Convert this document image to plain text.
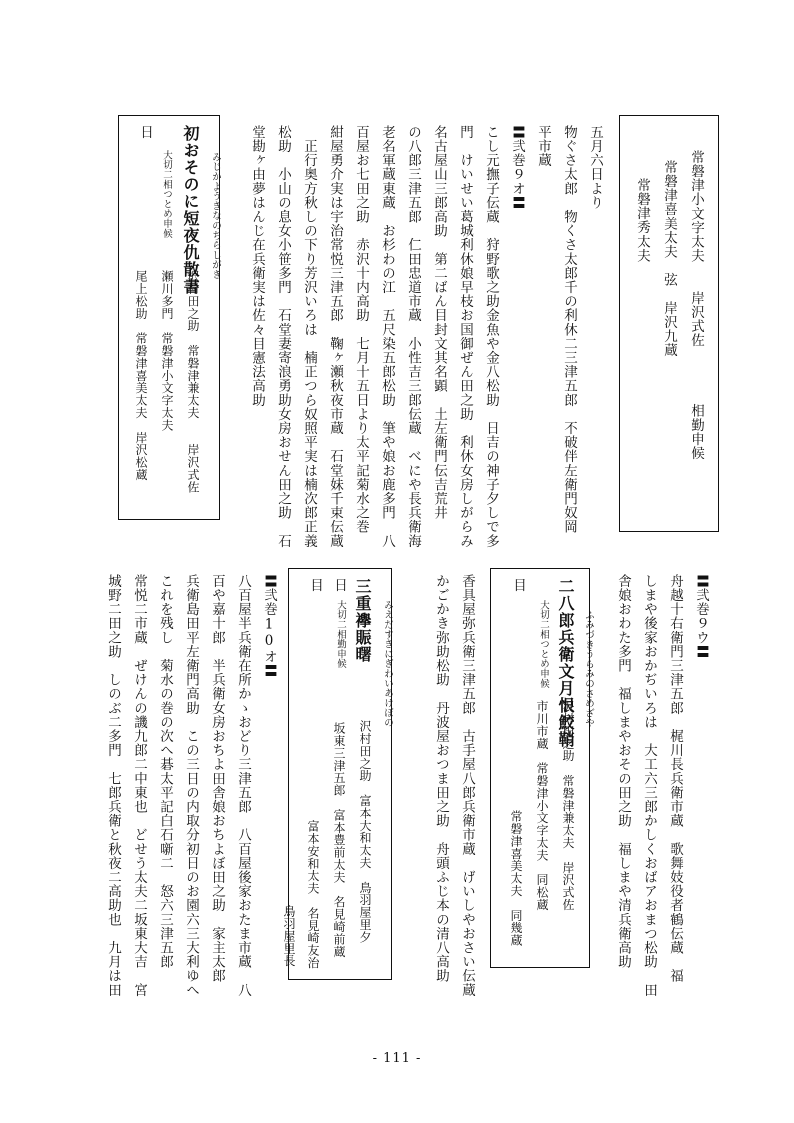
常磐津小文字太夫　　岸沢式佐　　　　相勤申候
常磐津喜美太夫　弦　岸沢九蔵
常磐津秀太夫
五月六日より
物ぐさ太郎　物くさ太郎千の利休二三津五郎　不破伴左衛門奴岡
平市蔵
〓弐巻９オ〓
こし元撫子伝蔵　狩野歌之助金魚や金八松助　日吉の神子夕しで多
門　けいせい葛城利休娘早枝お国御ぜん田之助　利休女房しがらみ
名古屋山三郎高助　第二ばん目封文其名顕　土左衛門伝吉荒井
の八郎三津五郎　仁田忠道市蔵　小性吉三郎伝蔵　べにや長兵衛海
老名軍蔵東蔵　お杉わの江　五尺染五郎松助　筆や娘お鹿多門　八
百屋お七田之助　赤沢十内高助　七月十五日より太平記菊水之巻
紺屋勇介実は宇治常悦三津五郎　鞠ヶ瀬秋夜市蔵　石堂妹千束伝蔵
　正行奥方秋しの下り芳沢いろは　楠正つら奴照平実は楠次郎正義
松助　小山の息女小笹多門　石堂妻寄浪勇助女房おせん田之助　石
堂勘ヶ由夢はんじ在兵衛実は佐々目憲法高助
初おそのに短夜仇散書	みじかようきなのちらしがき
日
大切二相つとめ申候
沢村田之助　常磐津兼太夫　　岸沢式佐
瀬川多門　常磐津小文字太夫
尾上松助　常磐津喜美太夫　岸沢松蔵
〓弐巻９ウ〓
舟越十右衛門三津五郎　梶川長兵衛市蔵　歌舞妓役者鶴伝蔵　福
しまや後家おかぢいろは　大工六三郎かしくおばアおまつ松助　田
舎娘おわた多門　福しまやおその田之助　福しまや清兵衛高助
二八郎兵衛文月恨鮫鞘 ふみづきうらみのさめざや
目
大切二相つとめ申候
沢村田之助　常磐津兼太夫　岸沢式佐
市川市蔵　常磐津小文字太夫　同松蔵
常磐津喜美太夫　同幾蔵
香具屋弥兵衛三津五郎　古手屋八郎兵衛市蔵　げいしやおさい伝蔵
かごかき弥助松助　丹波屋おつま田之助　舟頭ふじ本の清八高助
三重襷賑曙	みえだすきにぎわいあけぼの
日
大切二相勤申候
目
沢村田之助　富本大和太夫　鳥羽屋里夕
坂東三津五郎　富本豊前太夫　名見崎前蔵
富本安和太夫　名見崎友治
鳥羽屋里長
〓弐巻10オ〓
八百屋半兵衛在所かゝおどり三津五郎　八百屋後家おたま市蔵　八
百や嘉十郎　半兵衛女房おちよ田舎娘おちよぼ田之助　家主太郎
兵衛島田平左衛門高助　この三日の内取分初日のお園六三大利ゆへ
これを残し　菊水の巻の次へ碁太平記白石噺二　怒六三津五郎
常悦二市蔵　ぜけんの譏九郎二中東也　どせう太夫二坂東大吉　宮
城野二田之助　しのぶ二多門　七郎兵衛と秋夜二高助也　九月は田
- 111 -
